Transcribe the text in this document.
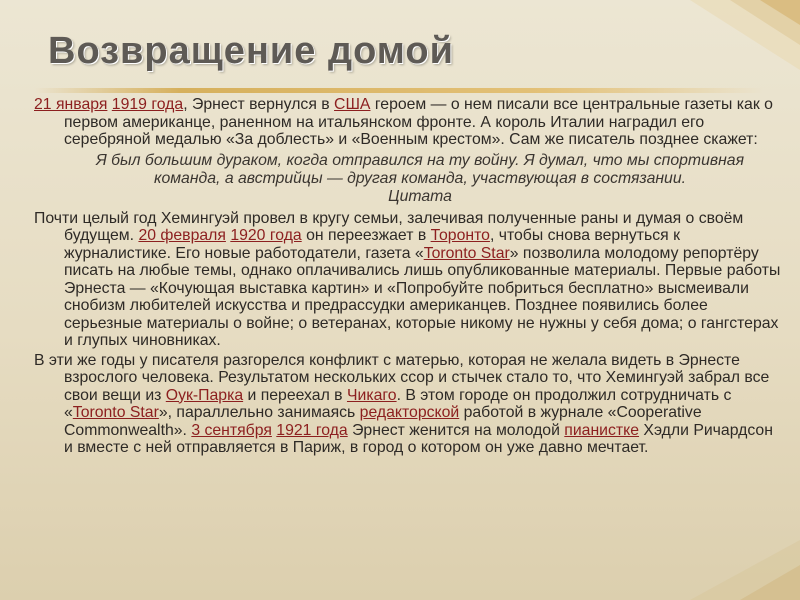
Возвращение домой

21 января 1919 года, Эрнест вернулся в США героем — о нем писали все центральные газеты как о первом американце, раненном на итальянском фронте. А король Италии наградил его серебряной медалью «За доблесть» и «Военным крестом». Сам же писатель позднее скажет:

Я был большим дураком, когда отправился на ту войну. Я думал, что мы спортивная команда, а австрийцы — другая команда, участвующая в состязании.
Цитата

Почти целый год Хемингуэй провел в кругу семьи, залечивая полученные раны и думая о своём будущем. 20 февраля 1920 года он переезжает в Торонто, чтобы снова вернуться к журналистике. Его новые работодатели, газета «Toronto Star» позволила молодому репортёру писать на любые темы, однако оплачивались лишь опубликованные материалы. Первые работы Эрнеста — «Кочующая выставка картин» и «Попробуйте побриться бесплатно» высмеивали снобизм любителей искусства и предрассудки американцев. Позднее появились более серьезные материалы о войне; о ветеранах, которые никому не нужны у себя дома; о гангстерах и глупых чиновниках.

В эти же годы у писателя разгорелся конфликт с матерью, которая не желала видеть в Эрнесте взрослого человека. Результатом нескольких ссор и стычек стало то, что Хемингуэй забрал все свои вещи из Оук-Парка и переехал в Чикаго. В этом городе он продолжил сотрудничать с «Toronto Star», параллельно занимаясь редакторской работой в журнале «Cooperative Commonwealth». 3 сентября 1921 года Эрнест женится на молодой пианистке Хэдли Ричардсон и вместе с ней отправляется в Париж, в город о котором он уже давно мечтает.
